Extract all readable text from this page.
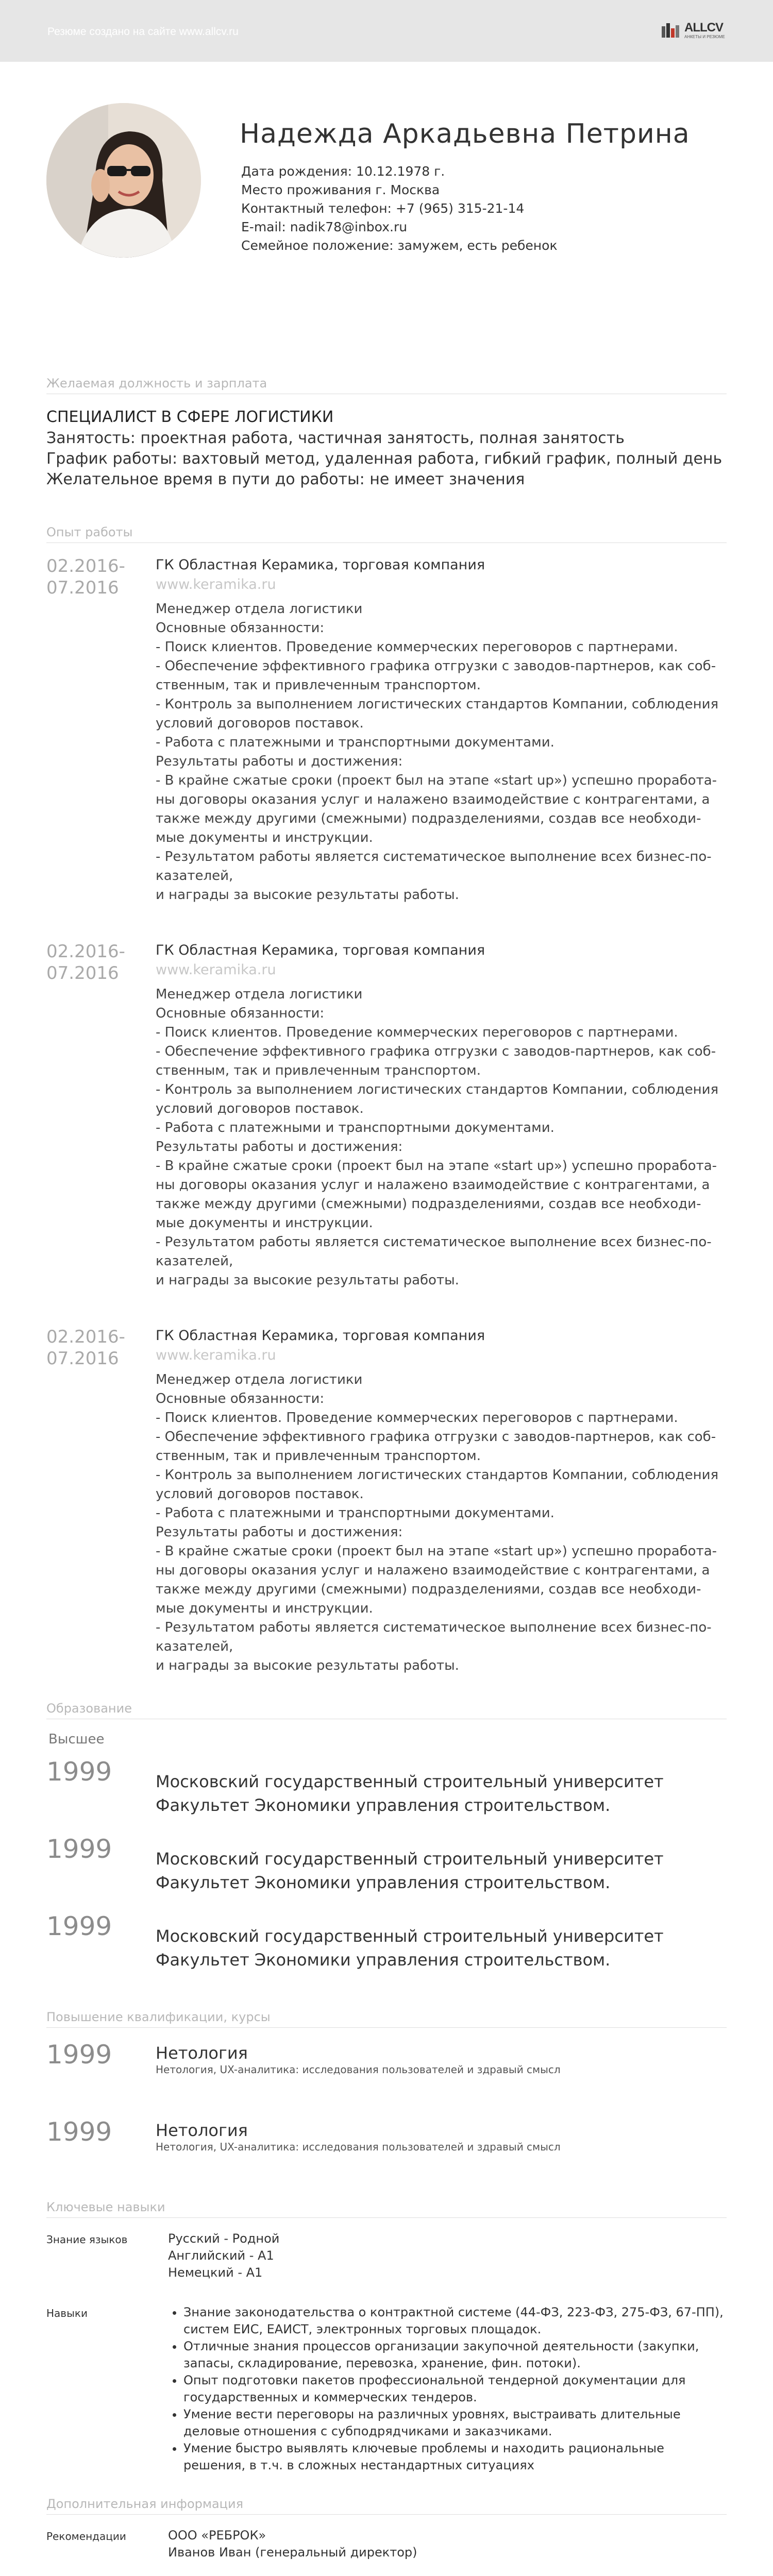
Резюме создано на сайте www.allcv.ru	ALLCV
АНКЕТЫ И РЕЗЮМЕ
Надежда Аркадьевна Петрина
Дата рождения: 10.12.1978 г.
Место проживания г. Москва
Контактный телефон: +7 (965) 315-21-14
E-mail: nadik78@inbox.ru
Семейное положение: замужем, есть ребенок
Желаемая должность и зарплата
СПЕЦИАЛИСТ В СФЕРЕ ЛОГИСТИКИ
Занятость: проектная работа, частичная занятость, полная занятость
График работы: вахтовый метод, удаленная работа, гибкий график, полный день
Желательное время в пути до работы: не имеет значения
Опыт работы
02.2016-
07.2016
ГК Областная Керамика, торговая компания
www.keramika.ru
Менеджер отдела логистики
Основные обязанности:
- Поиск клиентов. Проведение коммерческих переговоров с партнерами.
- Обеспечение эффективного графика отгрузки с заводов-партнеров, как соб-
ственным, так и привлеченным транспортом.
- Контроль за выполнением логистических стандартов Компании, соблюдения
условий договоров поставок.
- Работа с платежными и транспортными документами.
Результаты работы и достижения:
- В крайне сжатые сроки (проект был на этапе «start up») успешно проработа-
ны договоры оказания услуг и налажено взаимодействие с контрагентами, а
также между другими (смежными) подразделениями, создав все необходи-
мые документы и инструкции.
- Результатом работы является систематическое выполнение всех бизнес-по-
казателей,
и награды за высокие результаты работы.
02.2016-
07.2016
ГК Областная Керамика, торговая компания
www.keramika.ru
Менеджер отдела логистики
Основные обязанности:
- Поиск клиентов. Проведение коммерческих переговоров с партнерами.
- Обеспечение эффективного графика отгрузки с заводов-партнеров, как соб-
ственным, так и привлеченным транспортом.
- Контроль за выполнением логистических стандартов Компании, соблюдения
условий договоров поставок.
- Работа с платежными и транспортными документами.
Результаты работы и достижения:
- В крайне сжатые сроки (проект был на этапе «start up») успешно проработа-
ны договоры оказания услуг и налажено взаимодействие с контрагентами, а
также между другими (смежными) подразделениями, создав все необходи-
мые документы и инструкции.
- Результатом работы является систематическое выполнение всех бизнес-по-
казателей,
и награды за высокие результаты работы.
02.2016-
07.2016
ГК Областная Керамика, торговая компания
www.keramika.ru
Менеджер отдела логистики
Основные обязанности:
- Поиск клиентов. Проведение коммерческих переговоров с партнерами.
- Обеспечение эффективного графика отгрузки с заводов-партнеров, как соб-
ственным, так и привлеченным транспортом.
- Контроль за выполнением логистических стандартов Компании, соблюдения
условий договоров поставок.
- Работа с платежными и транспортными документами.
Результаты работы и достижения:
- В крайне сжатые сроки (проект был на этапе «start up») успешно проработа-
ны договоры оказания услуг и налажено взаимодействие с контрагентами, а
также между другими (смежными) подразделениями, создав все необходи-
мые документы и инструкции.
- Результатом работы является систематическое выполнение всех бизнес-по-
казателей,
и награды за высокие результаты работы.
Образование
Высшее
1999	Московский государственный строительный университет
Факультет Экономики управления строительством.
1999	Московский государственный строительный университет
Факультет Экономики управления строительством.
1999	Московский государственный строительный университет
Факультет Экономики управления строительством.
Повышение квалификации, курсы
1999	Нетология
Нетология, UX-аналитика: исследования пользователей и здравый смысл
1999	Нетология
Нетология, UX-аналитика: исследования пользователей и здравый смысл
Ключевые навыки
Знание языков	Русский - Родной
Английский - A1
Немецкий - A1
Навыки
•	Знание законодательства о контрактной системе (44-ФЗ, 223-ФЗ, 275-ФЗ, 67-ПП), систем ЕИС, ЕАИСТ, электронных торговых площадок.
• Отличные знания процессов организации закупочной деятельности (закупки, запасы, складирование, перевозка, хранение, фин. потоки).
• Опыт подготовки пакетов профессиональной тендерной документации для государственных и коммерческих тендеров.
• Умение вести переговоры на различных уровнях, выстраивать длительные деловые отношения с субподрядчиками и заказчиками.
• Умение быстро выявлять ключевые проблемы и находить рациональные решения, в т.ч. в сложных нестандартных ситуациях
Дополнительная информация
Рекомендации	ООО «РЕБРОК»
Иванов Иван (генеральный директор)
